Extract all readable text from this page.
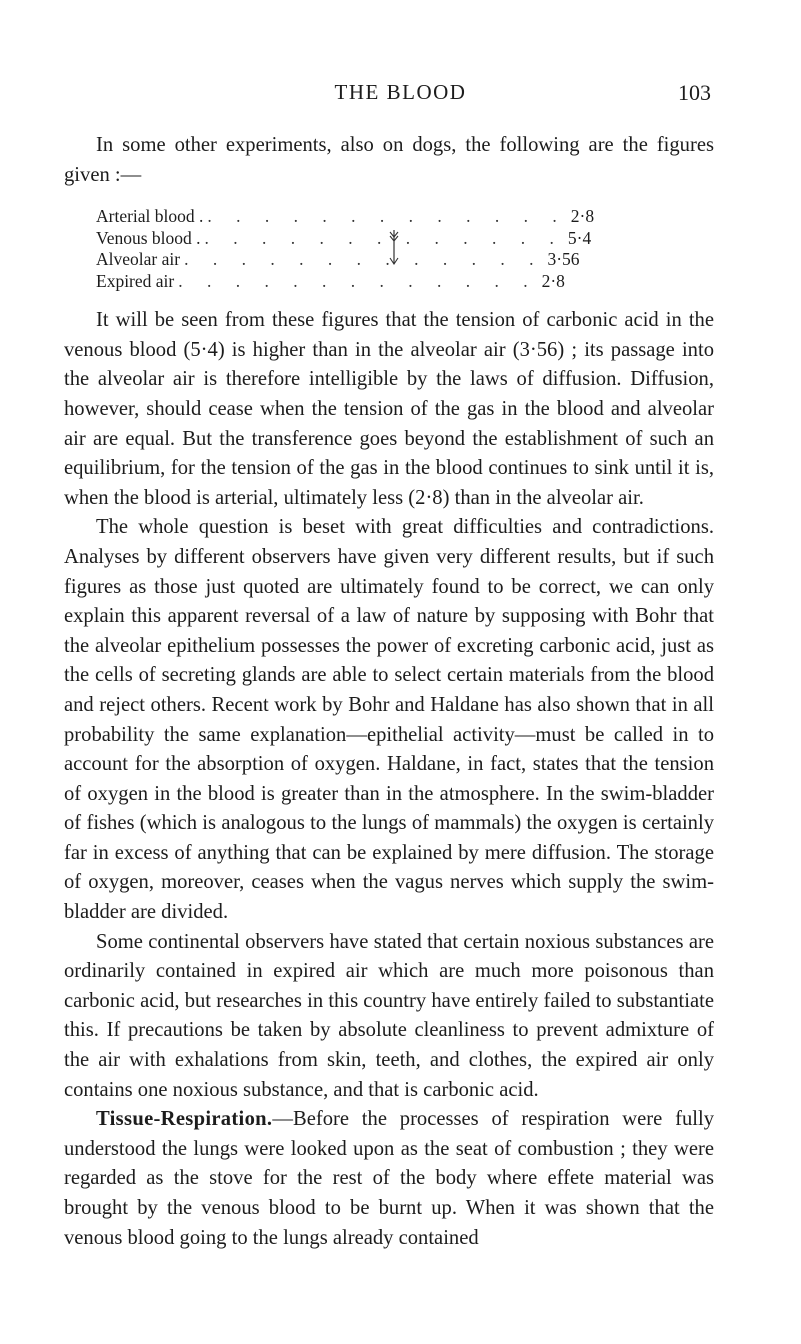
THE BLOOD	103

In some other experiments, also on dogs, the following are the figures given :—

Arterial blood . . . . . . . . . . . . . . 2·8
Venous blood . . . . . . . . . . . . . . 5·4
Alveolar air . . . . . . . . . . . . . 3·56
Expired air . . . . . . . . . . . . . 2·8

It will be seen from these figures that the tension of carbonic acid in the venous blood (5·4) is higher than in the alveolar air (3·56) ; its passage into the alveolar air is therefore intelligible by the laws of diffusion. Diffusion, however, should cease when the tension of the gas in the blood and alveolar air are equal. But the transference goes beyond the establishment of such an equilibrium, for the tension of the gas in the blood continues to sink until it is, when the blood is arterial, ultimately less (2·8) than in the alveolar air.

The whole question is beset with great difficulties and contradictions. Analyses by different observers have given very different results, but if such figures as those just quoted are ultimately found to be correct, we can only explain this apparent reversal of a law of nature by supposing with Bohr that the alveolar epithelium possesses the power of excreting carbonic acid, just as the cells of secreting glands are able to select certain materials from the blood and reject others. Recent work by Bohr and Haldane has also shown that in all probability the same explanation—epithelial activity—must be called in to account for the absorption of oxygen. Haldane, in fact, states that the tension of oxygen in the blood is greater than in the atmosphere. In the swim-bladder of fishes (which is analogous to the lungs of mammals) the oxygen is certainly far in excess of anything that can be explained by mere diffusion. The storage of oxygen, moreover, ceases when the vagus nerves which supply the swim-bladder are divided.

Some continental observers have stated that certain noxious substances are ordinarily contained in expired air which are much more poisonous than carbonic acid, but researches in this country have entirely failed to substantiate this. If precautions be taken by absolute cleanliness to prevent admixture of the air with exhalations from skin, teeth, and clothes, the expired air only contains one noxious substance, and that is carbonic acid.

Tissue-Respiration.—Before the processes of respiration were fully understood the lungs were looked upon as the seat of combustion ; they were regarded as the stove for the rest of the body where effete material was brought by the venous blood to be burnt up. When it was shown that the venous blood going to the lungs already contained
